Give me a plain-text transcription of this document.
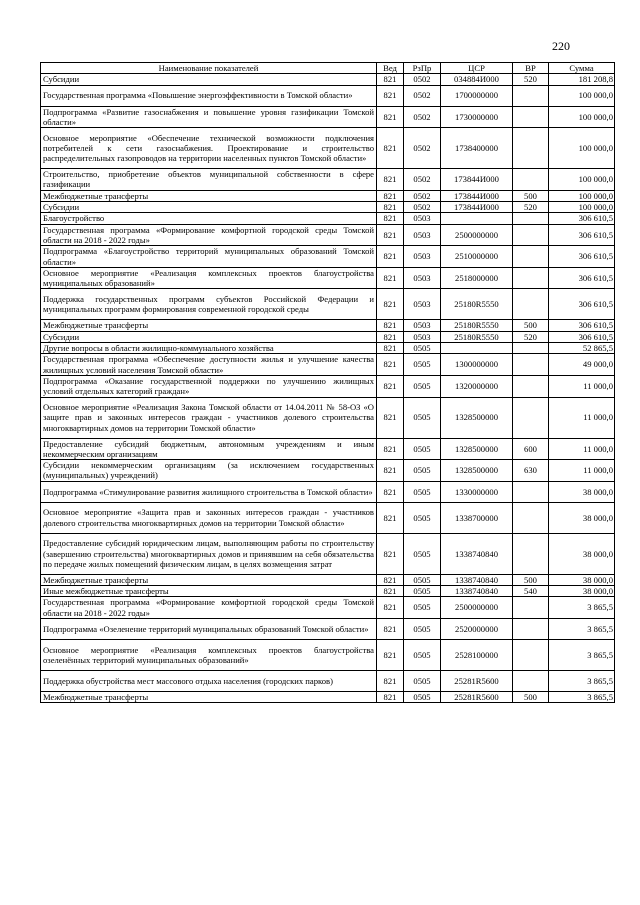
220
Наименование показателей	Вед	РзПр	ЦСР	ВР	Сумма
Субсидии	821	0502	034884И000	520	181 208,8
Государственная программа «Повышение энергоэффективности в Томской области»	821	0502	1700000000		100 000,0
Подпрограмма «Развитие газоснабжения и повышение уровня газификации Томской области»	821	0502	1730000000		100 000,0
Основное мероприятие «Обеспечение технической возможности подключения потребителей к сети газоснабжения. Проектирование и строительство распределительных газопроводов на территории населенных пунктов Томской области»	821	0502	1738400000		100 000,0
Строительство, приобретение объектов муниципальной собственности в сфере газификации	821	0502	173844И000		100 000,0
Межбюджетные трансферты	821	0502	173844И000	500	100 000,0
Субсидии	821	0502	173844И000	520	100 000,0
Благоустройство	821	0503			306 610,5
Государственная программа «Формирование комфортной городской среды Томской области на 2018 - 2022 годы»	821	0503	2500000000		306 610,5
Подпрограмма «Благоустройство территорий муниципальных образований Томской области»	821	0503	2510000000		306 610,5
Основное мероприятие «Реализация комплексных проектов благоустройства муниципальных образований»	821	0503	2518000000		306 610,5
Поддержка государственных программ субъектов Российской Федерации и муниципальных программ формирования современной городской среды	821	0503	25180R5550		306 610,5
Межбюджетные трансферты	821	0503	25180R5550	500	306 610,5
Субсидии	821	0503	25180R5550	520	306 610,5
Другие вопросы в области жилищно-коммунального хозяйства	821	0505			52 865,5
Государственная программа «Обеспечение доступности жилья и улучшение качества жилищных условий населения Томской области»	821	0505	1300000000		49 000,0
Подпрограмма «Оказание государственной поддержки по улучшению жилищных условий отдельных категорий граждан»	821	0505	1320000000		11 000,0
Основное мероприятие «Реализация Закона Томской области от 14.04.2011 № 58-ОЗ «О защите прав и законных интересов граждан - участников долевого строительства многоквартирных домов на территории Томской области»	821	0505	1328500000		11 000,0
Предоставление субсидий бюджетным, автономным учреждениям и иным некоммерческим организациям	821	0505	1328500000	600	11 000,0
Субсидии некоммерческим организациям (за исключением государственных (муниципальных) учреждений)	821	0505	1328500000	630	11 000,0
Подпрограмма «Стимулирование развития жилищного строительства в Томской области»	821	0505	1330000000		38 000,0
Основное мероприятие «Защита прав и законных интересов граждан - участников долевого строительства многоквартирных домов на территории Томской области»	821	0505	1338700000		38 000,0
Предоставление субсидий юридическим лицам, выполняющим работы по строительству (завершению строительства) многоквартирных домов и принявшим на себя обязательства по передаче жилых помещений физическим лицам, в целях возмещения затрат	821	0505	1338740840		38 000,0
Межбюджетные трансферты	821	0505	1338740840	500	38 000,0
Иные межбюджетные трансферты	821	0505	1338740840	540	38 000,0
Государственная программа «Формирование комфортной городской среды Томской области на 2018 - 2022 годы»	821	0505	2500000000		3 865,5
Подпрограмма «Озеленение территорий муниципальных образований Томской области»	821	0505	2520000000		3 865,5
Основное мероприятие «Реализация комплексных проектов благоустройства озеленённых территорий муниципальных образований»	821	0505	2528100000		3 865,5
Поддержка обустройства мест массового отдыха населения (городских парков)	821	0505	25281R5600		3 865,5
Межбюджетные трансферты	821	0505	25281R5600	500	3 865,5
